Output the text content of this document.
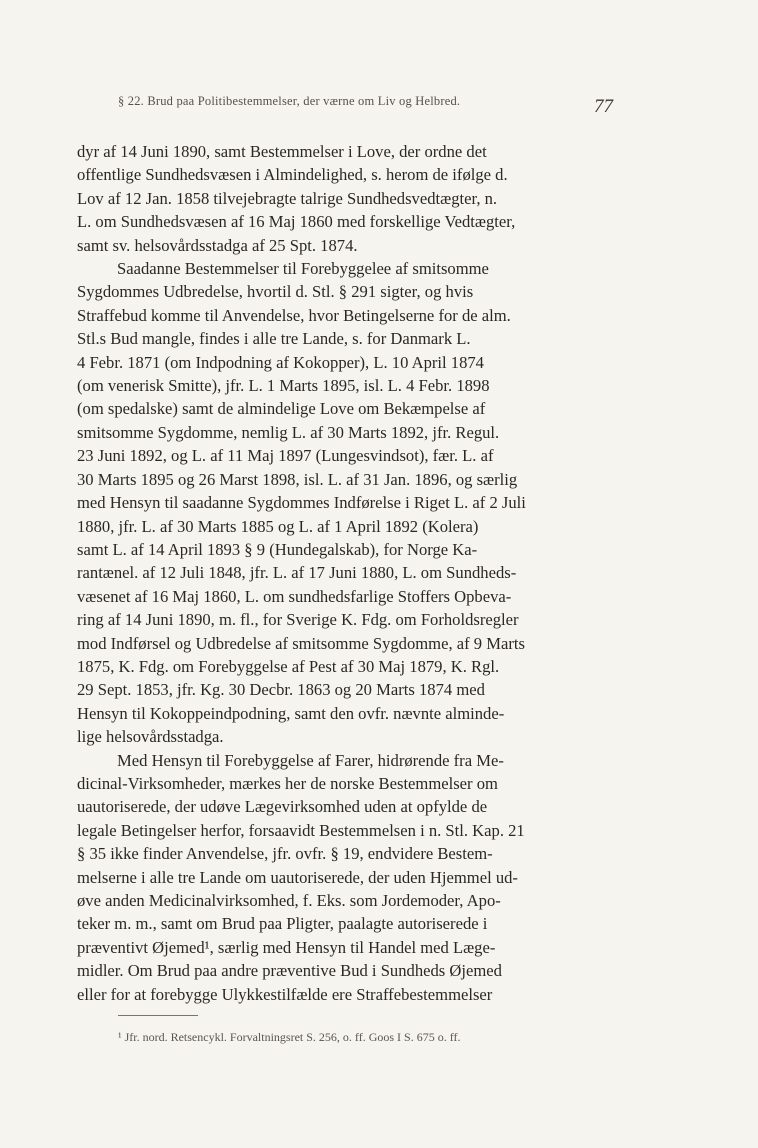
§ 22. Brud paa Politibestemmelser, der værne om Liv og Helbred.	77

dyr af 14 Juni 1890, samt Bestemmelser i Love, der ordne det
offentlige Sundhedsvæsen i Almindelighed, s. herom de ifølge d.
Lov af 12 Jan. 1858 tilvejebragte talrige Sundhedsvedtægter, n.
L. om Sundhedsvæsen af 16 Maj 1860 med forskellige Vedtægter,
samt sv. helsovårdsstadga af 25 Spt. 1874.

Saadanne Bestemmelser til Forebyggelee af smitsomme
Sygdommes Udbredelse, hvortil d. Stl. § 291 sigter, og hvis
Straffebud komme til Anvendelse, hvor Betingelserne for de alm.
Stl.s Bud mangle, findes i alle tre Lande, s. for Danmark L.
4 Febr. 1871 (om Indpodning af Kokopper), L. 10 April 1874
(om venerisk Smitte), jfr. L. 1 Marts 1895, isl. L. 4 Febr. 1898
(om spedalske) samt de almindelige Love om Bekæmpelse af
smitsomme Sygdomme, nemlig L. af 30 Marts 1892, jfr. Regul.
23 Juni 1892, og L. af 11 Maj 1897 (Lungesvindsot), fær. L. af
30 Marts 1895 og 26 Marst 1898, isl. L. af 31 Jan. 1896, og særlig
med Hensyn til saadanne Sygdommes Indførelse i Riget L. af 2 Juli
1880, jfr. L. af 30 Marts 1885 og L. af 1 April 1892 (Kolera)
samt L. af 14 April 1893 § 9 (Hundegalskab), for Norge Ka-
rantænel. af 12 Juli 1848, jfr. L. af 17 Juni 1880, L. om Sundheds-
væsenet af 16 Maj 1860, L. om sundhedsfarlige Stoffers Opbeva-
ring af 14 Juni 1890, m. fl., for Sverige K. Fdg. om Forholdsregler
mod Indførsel og Udbredelse af smitsomme Sygdomme, af 9 Marts
1875, K. Fdg. om Forebyggelse af Pest af 30 Maj 1879, K. Rgl.
29 Sept. 1853, jfr. Kg. 30 Decbr. 1863 og 20 Marts 1874 med
Hensyn til Kokoppeindpodning, samt den ovfr. nævnte alminde-
lige helsovårdsstadga.

Med Hensyn til Forebyggelse af Farer, hidrørende fra Me-
dicinal-Virksomheder, mærkes her de norske Bestemmelser om
uautoriserede, der udøve Lægevirksomhed uden at opfylde de
legale Betingelser herfor, forsaavidt Bestemmelsen i n. Stl. Kap. 21
§ 35 ikke finder Anvendelse, jfr. ovfr. § 19, endvidere Bestem-
melserne i alle tre Lande om uautoriserede, der uden Hjemmel ud-
øve anden Medicinalvirksomhed, f. Eks. som Jordemoder, Apo-
teker m. m., samt om Brud paa Pligter, paalagte autoriserede i
præventivt Øjemed¹, særlig med Hensyn til Handel med Læge-
midler. Om Brud paa andre præventive Bud i Sundheds Øjemed
eller for at forebygge Ulykkestilfælde ere Straffebestemmelser

¹ Jfr. nord. Retsencykl. Forvaltningsret S. 256, o. ff. Goos I S. 675 o. ff.
